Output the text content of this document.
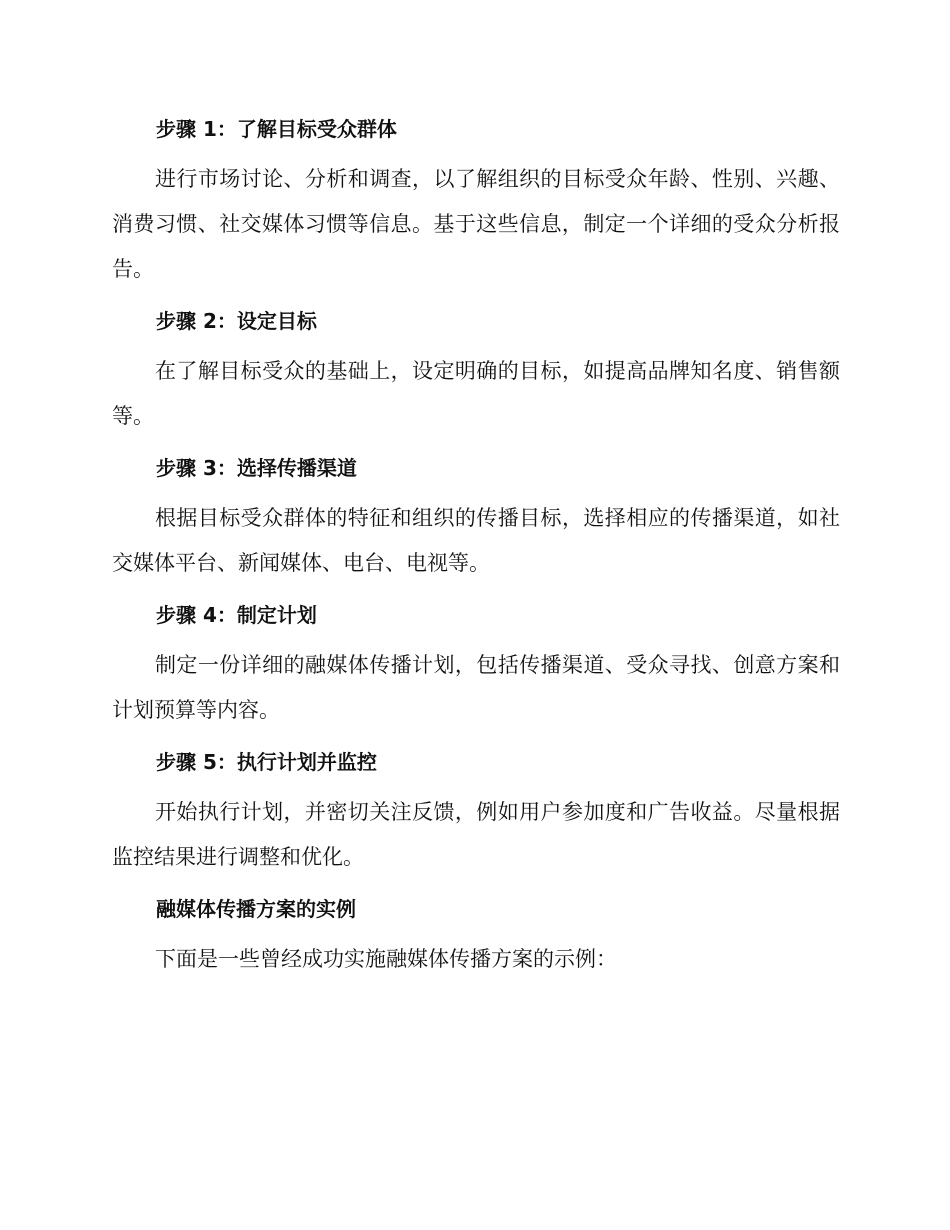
步骤 1：了解目标受众群体

进行市场讨论、分析和调查，以了解组织的目标受众年龄、性别、兴趣、消费习惯、社交媒体习惯等信息。基于这些信息，制定一个详细的受众分析报告。

步骤 2：设定目标

在了解目标受众的基础上，设定明确的目标，如提高品牌知名度、销售额等。

步骤 3：选择传播渠道

根据目标受众群体的特征和组织的传播目标，选择相应的传播渠道，如社交媒体平台、新闻媒体、电台、电视等。

步骤 4：制定计划

制定一份详细的融媒体传播计划，包括传播渠道、受众寻找、创意方案和计划预算等内容。

步骤 5：执行计划并监控

开始执行计划，并密切关注反馈，例如用户参加度和广告收益。尽量根据监控结果进行调整和优化。

融媒体传播方案的实例

下面是一些曾经成功实施融媒体传播方案的示例：
